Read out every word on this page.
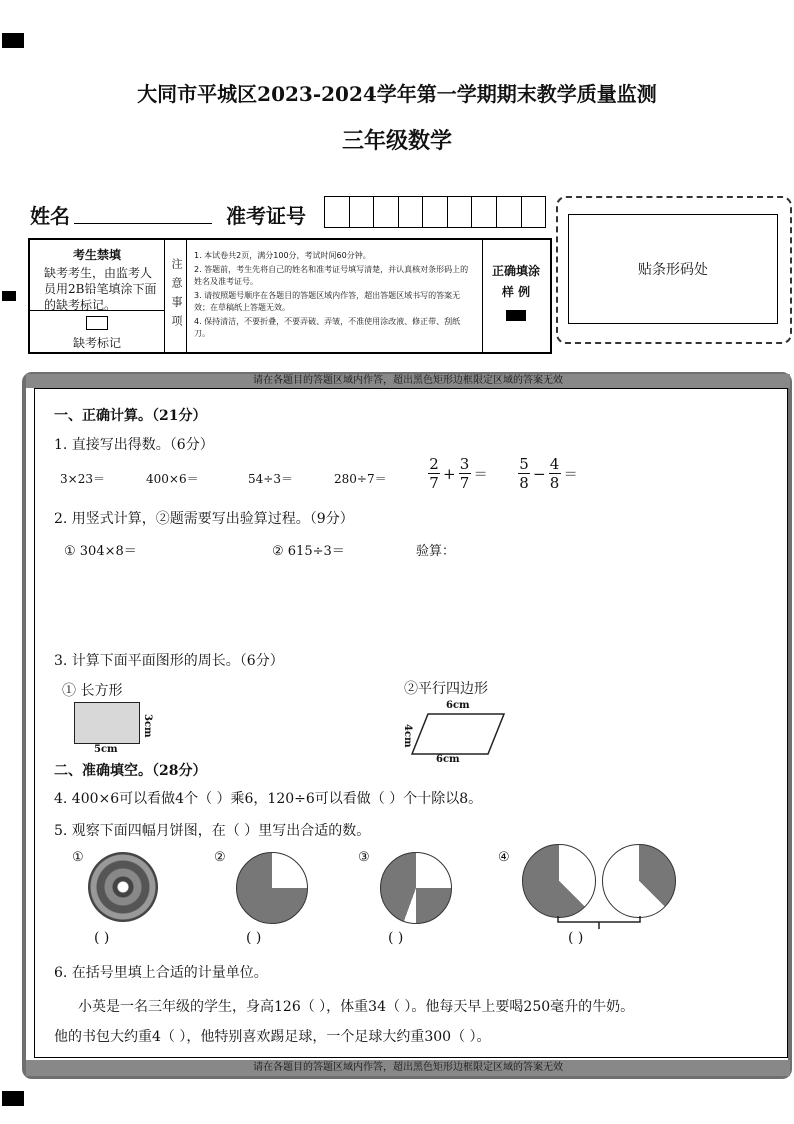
大同市平城区2023-2024学年第一学期期末教学质量监测
三年级数学
姓名	准考证号
贴条形码处
考生禁填
缺考考生，由监考人员用2B铅笔填涂下面的缺考标记。
缺考标记
注意事项
1. 本试卷共2页，满分100分，考试时间60分钟。
2. 答题前，考生先将自己的姓名和准考证号填写清楚，并认真核对条形码上的姓名及准考证号。
3. 请按照题号顺序在各题目的答题区域内作答，超出答题区域书写的答案无效；在草稿纸上答题无效。
4. 保持清洁，不要折叠，不要弄破、弄皱，不准使用涂改液、修正带、刮纸刀。
正确填涂
样 例
请在各题目的答题区域内作答，超出黑色矩形边框限定区域的答案无效
请在各题目的答题区域内作答，超出黑色矩形边框限定区域的答案无效
一、正确计算。（21分）
1. 直接写出得数。（6分）
3×23＝	400×6＝	54÷3＝	280÷7＝	$\frac{2}{7} + \frac{3}{7} = \frac{5}{8} - \frac{4}{8}$ ＝
2. 用竖式计算，②题需要写出验算过程。（9分）
① 304×8＝	② 615÷3＝	验算：
3. 计算下面平面图形的周长。（6分）
① 长方形
5cm
3cm
②平行四边形
6cm
4cm
6cm
二、准确填空。（28分）
4. 400×6可以看做4个（ ）乘6，120÷6可以看做（ ）个十除以8。
5. 观察下面四幅月饼图，在（ ）里写出合适的数。
①
( )
②
( )
③
( )
④
( )
6. 在括号里填上合适的计量单位。
小英是一名三年级的学生，身高126（ ），体重34（ ）。他每天早上要喝250毫升的牛奶。
他的书包大约重4（ ），他特别喜欢踢足球，一个足球大约重300（ ）。
